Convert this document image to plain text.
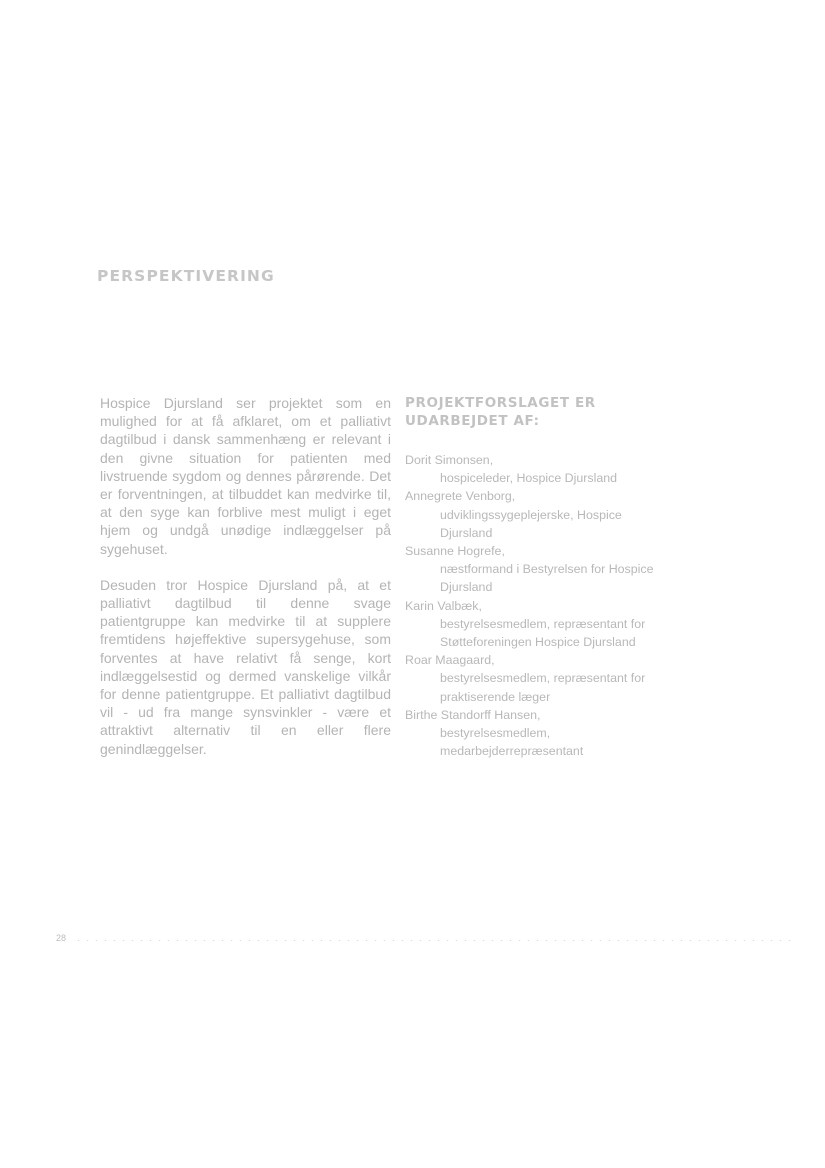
PERSPEKTIVERING

Hospice Djursland ser projektet som en mulighed for at få afklaret, om et palliativt dagtilbud i dansk sammenhæng er relevant i den givne situation for patienten med livstruende sygdom og dennes pårørende. Det er forventningen, at tilbuddet kan medvirke til, at den syge kan forblive mest muligt i eget hjem og undgå unødige indlæggelser på sygehuset.

Desuden tror Hospice Djursland på, at et palliativt dagtilbud til denne svage patientgruppe kan medvirke til at supplere fremtidens højeffektive supersygehuse, som forventes at have relativt få senge, kort indlæggelsestid og dermed vanskelige vilkår for denne patientgruppe. Et palliativt dagtilbud vil - ud fra mange synsvinkler - være et attraktivt alternativ til en eller flere genindlæggelser.

PROJEKTFORSLAGET ER UDARBEJDET AF:
Dorit Simonsen,
hospiceleder, Hospice Djursland
Annegrete Venborg,
udviklingssygeplejerske, Hospice Djursland
Susanne Hogrefe,
næstformand i Bestyrelsen for Hospice Djursland
Karin Valbæk,
bestyrelsesmedlem, repræsentant for Støtteforeningen Hospice Djursland
Roar Maagaard,
bestyrelsesmedlem, repræsentant for praktiserende læger
Birthe Standorff Hansen,
bestyrelsesmedlem, medarbejderrepræsentant
28
